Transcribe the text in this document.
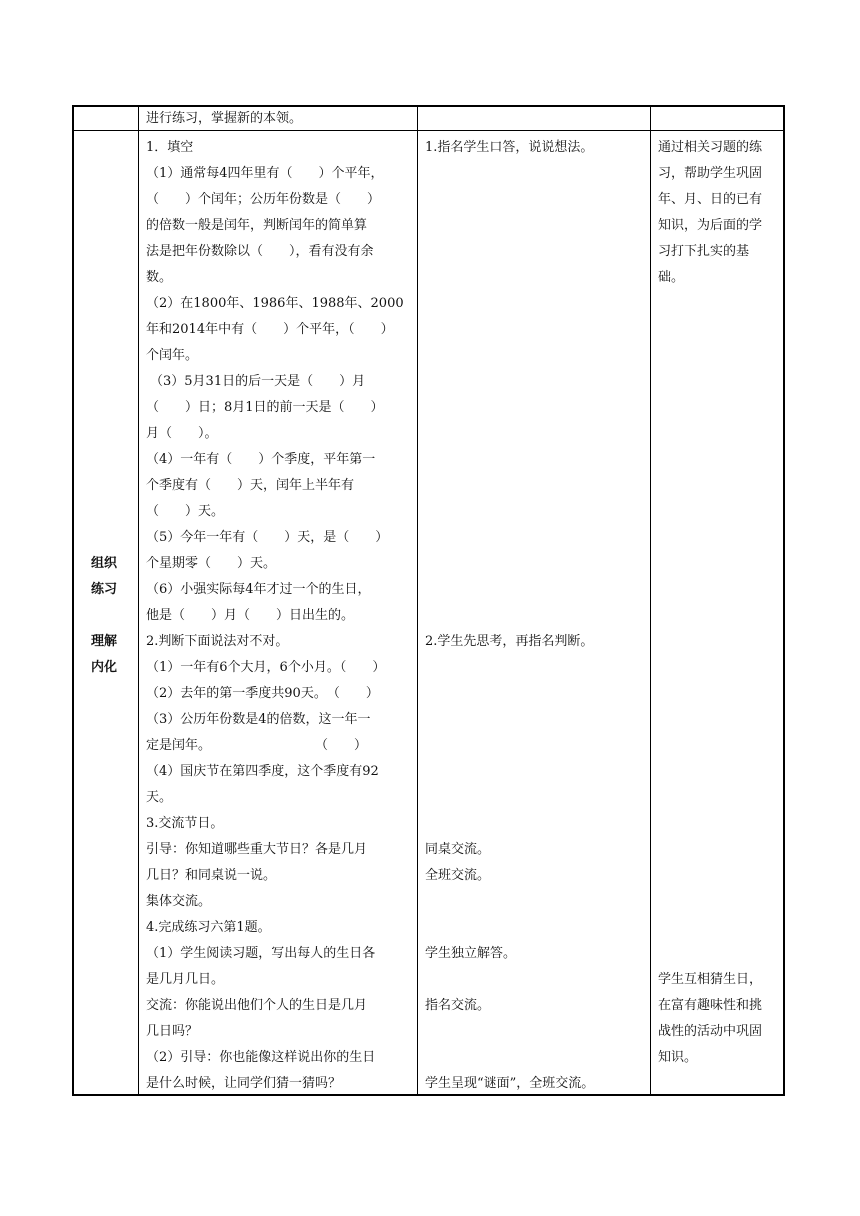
进行练习，掌握新的本领。
组织
练习
理解
内化
1．填空
（1）通常每4四年里有（　　）个平年，
（　　）个闰年；公历年份数是（　　）
的倍数一般是闰年，判断闰年的简单算
法是把年份数除以（　　），看有没有余
数。
（2）在1800年、1986年、1988年、2000
年和2014年中有（　　）个平年，（　　）
个闰年。
（3）5月31日的后一天是（　　）月
（　　）日；8月1日的前一天是（　　）
月（　　）。
（4）一年有（　　）个季度，平年第一
个季度有（　　）天，闰年上半年有
（　　）天。
（5）今年一年有（　　）天，是（　　）
个星期零（　　）天。
（6）小强实际每4年才过一个的生日，
他是（　　）月（　　）日出生的。
2.判断下面说法对不对。
（1）一年有6个大月，6个小月。（　　）
（2）去年的第一季度共90天。　（　　）
（3）公历年份数是4的倍数，这一年一
定是闰年。　　　　　　　　　（　　）
（4）国庆节在第四季度，这个季度有92
天。
3.交流节日。
引导：你知道哪些重大节日？各是几月
几日？和同桌说一说。
集体交流。
4.完成练习六第1题。
（1）学生阅读习题，写出每人的生日各
是几月几日。
交流：你能说出他们个人的生日是几月
几日吗？
（2）引导：你也能像这样说出你的生日
是什么时候，让同学们猜一猜吗？
1.指名学生口答，说说想法。
2.学生先思考，再指名判断。
同桌交流。
全班交流。
学生独立解答。
指名交流。
学生呈现“谜面”，全班交流。
通过相关习题的练
习，帮助学生巩固
年、月、日的已有
知识，为后面的学
习打下扎实的基
础。
学生互相猜生日，
在富有趣味性和挑
战性的活动中巩固
知识。
